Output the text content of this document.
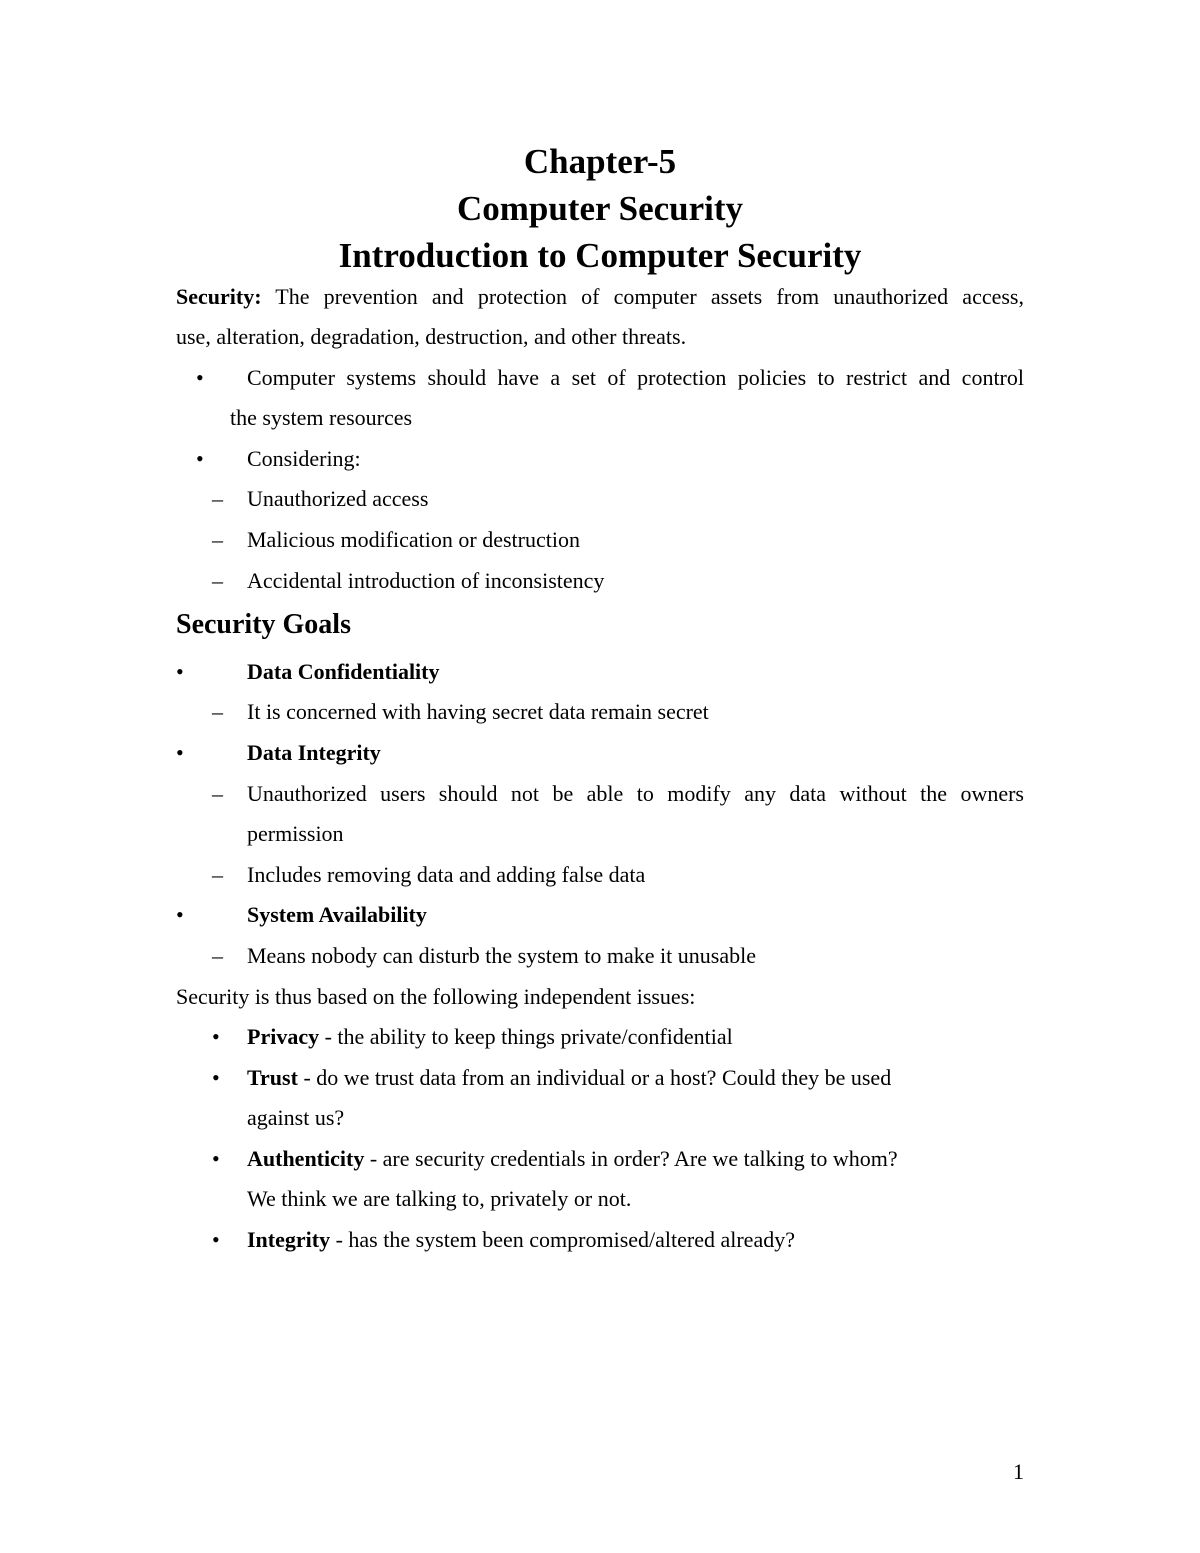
Chapter-5
Computer Security
Introduction to Computer Security
Security: The prevention and protection of computer assets from unauthorized access,
use, alteration, degradation, destruction, and other threats.
• Computer systems should have a set of protection policies to restrict and control
the system resources
• Considering:
– Unauthorized access
– Malicious modification or destruction
– Accidental introduction of inconsistency
Security Goals
•	Data Confidentiality
– It is concerned with having secret data remain secret
•	Data Integrity
– Unauthorized users should not be able to modify any data without the owners
permission
– Includes removing data and adding false data
•	System Availability
– Means nobody can disturb the system to make it unusable
Security is thus based on the following independent issues:
• Privacy - the ability to keep things private/confidential
• Trust - do we trust data from an individual or a host? Could they be used
against us?
• Authenticity - are security credentials in order? Are we talking to whom?
We think we are talking to, privately or not.
• Integrity - has the system been compromised/altered already?
1
